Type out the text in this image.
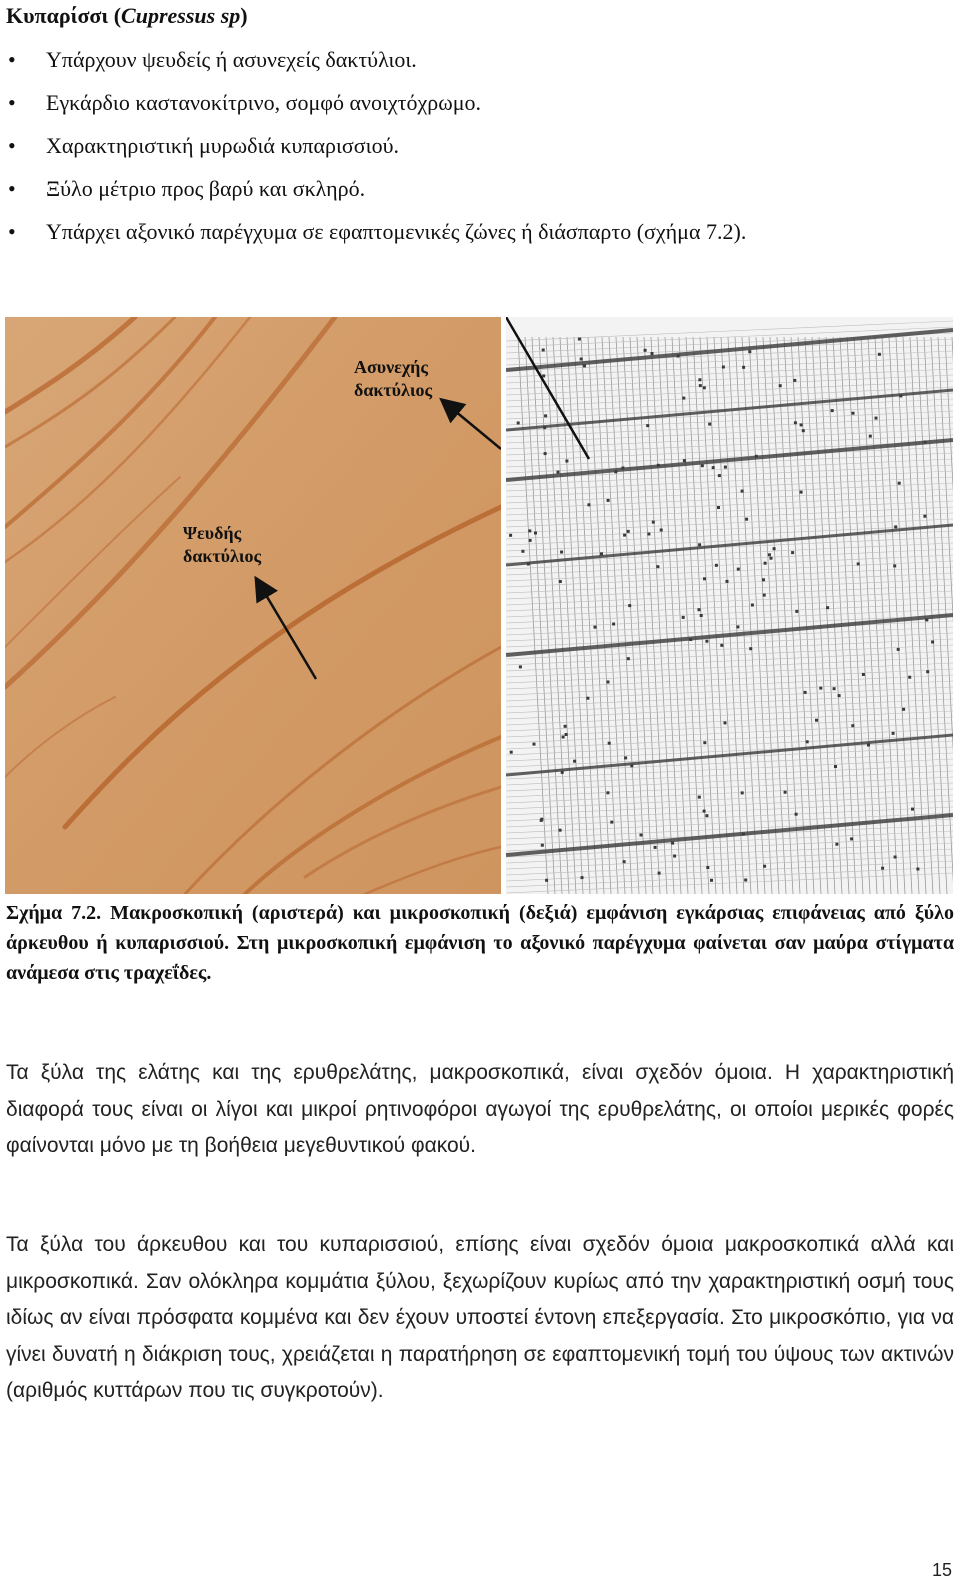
Κυπαρίσσι (Cupressus sp)
• Υπάρχουν ψευδείς ή ασυνεχείς δακτύλιοι.
• Εγκάρδιο καστανοκίτρινο, σομφό ανοιχτόχρωμο.
• Χαρακτηριστική μυρωδιά κυπαρισσιού.
• Ξύλο μέτριο προς βαρύ και σκληρό.
• Υπάρχει αξονικό παρέγχυμα σε εφαπτομενικές ζώνες ή διάσπαρτο (σχήμα 7.2).
Ψευδής
δακτύλιος
Ασυνεχής
δακτύλιος

Σχήμα 7.2. Μακροσκοπική (αριστερά) και μικροσκοπική (δεξιά) εμφάνιση εγκάρσιας επιφάνειας από ξύλο άρκευθου ή κυπαρισσιού. Στη μικροσκοπική εμφάνιση το αξονικό παρέγχυμα φαίνεται σαν μαύρα στίγματα ανάμεσα στις τραχεΐδες.

Τα ξύλα της ελάτης και της ερυθρελάτης, μακροσκοπικά, είναι σχεδόν όμοια. Η χαρακτηριστική διαφορά τους είναι οι λίγοι και μικροί ρητινοφόροι αγωγοί της ερυθρελάτης, οι οποίοι μερικές φορές φαίνονται μόνο με τη βοήθεια μεγεθυντικού φακού.

Τα ξύλα του άρκευθου και του κυπαρισσιού, επίσης είναι σχεδόν όμοια μακροσκοπικά αλλά και μικροσκοπικά. Σαν ολόκληρα κομμάτια ξύλου, ξεχωρίζουν κυρίως από την χαρακτηριστική οσμή τους ιδίως αν είναι πρόσφατα κομμένα και δεν έχουν υποστεί έντονη επεξεργασία. Στο μικροσκόπιο, για να γίνει δυνατή η διάκριση τους, χρειάζεται η παρατήρηση σε εφαπτομενική τομή του ύψους των ακτινών (αριθμός κυττάρων που τις συγκροτούν).

15
